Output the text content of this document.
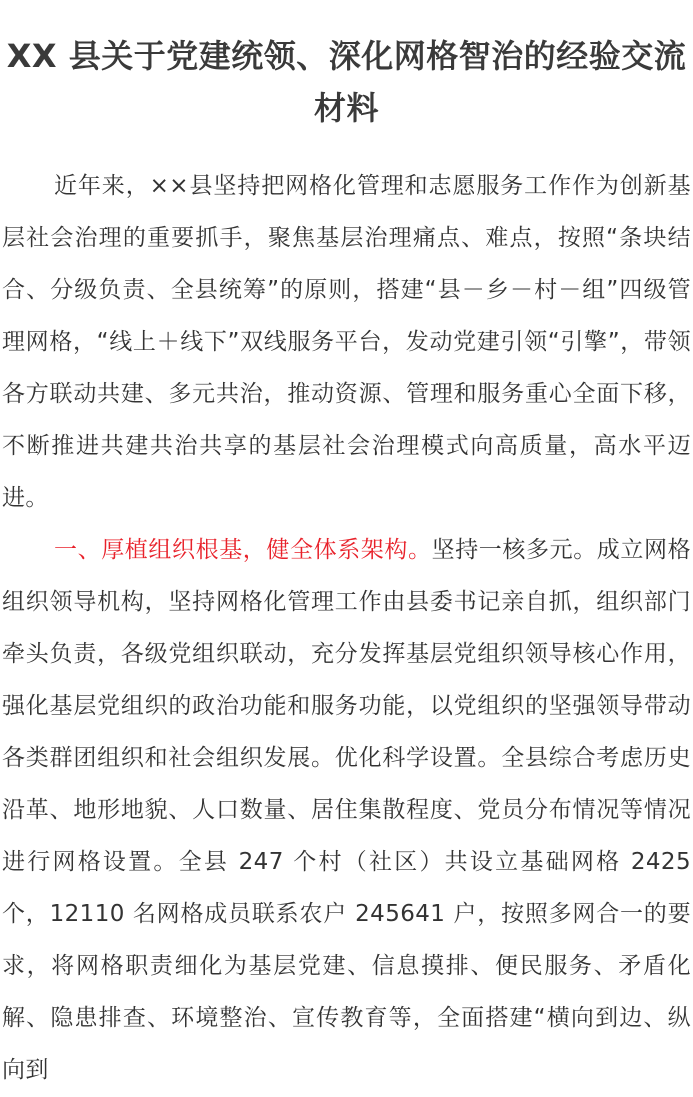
XX 县关于党建统领、深化网格智治的经验交流材料

近年来，××县坚持把网格化管理和志愿服务工作作为创新基层社会治理的重要抓手，聚焦基层治理痛点、难点，按照“条块结合、分级负责、全县统筹”的原则，搭建“县－乡－村－组”四级管理网格，“线上＋线下”双线服务平台，发动党建引领“引擎”，带领各方联动共建、多元共治，推动资源、管理和服务重心全面下移，不断推进共建共治共享的基层社会治理模式向高质量，高水平迈进。

一、厚植组织根基，健全体系架构。坚持一核多元。成立网格组织领导机构，坚持网格化管理工作由县委书记亲自抓，组织部门牵头负责，各级党组织联动，充分发挥基层党组织领导核心作用，强化基层党组织的政治功能和服务功能，以党组织的坚强领导带动各类群团组织和社会组织发展。优化科学设置。全县综合考虑历史沿革、地形地貌、人口数量、居住集散程度、党员分布情况等情况进行网格设置。全县 247 个村（社区）共设立基础网格 2425 个，12110 名网格成员联系农户 245641 户，按照多网合一的要求，将网格职责细化为基层党建、信息摸排、便民服务、矛盾化解、隐患排查、环境整治、宣传教育等，全面搭建“横向到边、纵向到
